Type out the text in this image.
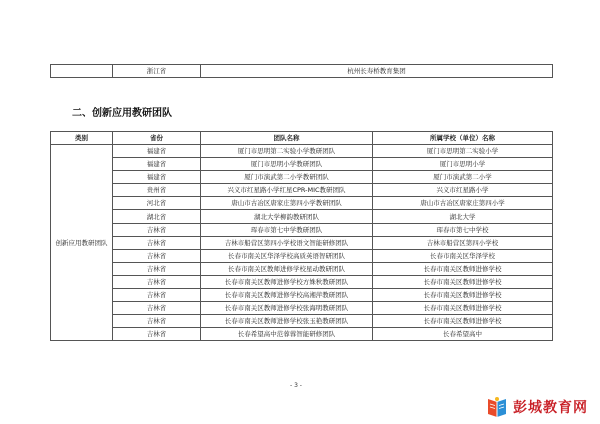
	浙江省	杭州长寿桥教育集团
二、创新应用教研团队
类别	省份	团队名称	所属学校（单位）名称
创新应用教研团队	福建省	厦门市思明第二实验小学教研团队	厦门市思明第二实验小学
	福建省	厦门市思明小学教研团队	厦门市思明小学
	福建省	厦门市演武第二小学教研团队	厦门市演武第二小学
	贵州省	兴义市红星路小学红星CPR-MIC教研团队	兴义市红星路小学
	河北省	唐山市古冶区唐家庄第四小学教研团队	唐山市古冶区唐家庄第四小学
	湖北省	湖北大学柳韵教研团队	湖北大学
	吉林省	珲春市第七中学教研团队	珲春市第七中学校
	吉林省	吉林市船营区第四小学校语文智能研修团队	吉林市船营区第四小学校
	吉林省	长春市南关区华泽学校高质英语智研团队	长春市南关区华泽学校
	吉林省	长春市南关区教师进修学校星动教研团队	长春市南关区教师进修学校
	吉林省	长春市南关区教师进修学校方姝秋教研团队	长春市南关区教师进修学校
	吉林省	长春市南关区教师进修学校高湘萍教研团队	长春市南关区教师进修学校
	吉林省	长春市南关区教师进修学校张海明教研团队	长春市南关区教师进修学校
	吉林省	长春市南关区教师进修学校张玉艳教研团队	长春市南关区教师进修学校
	吉林省	长春希望高中范蓉蓉智能研修团队	长春希望高中
- 3 -
彭城教育网
